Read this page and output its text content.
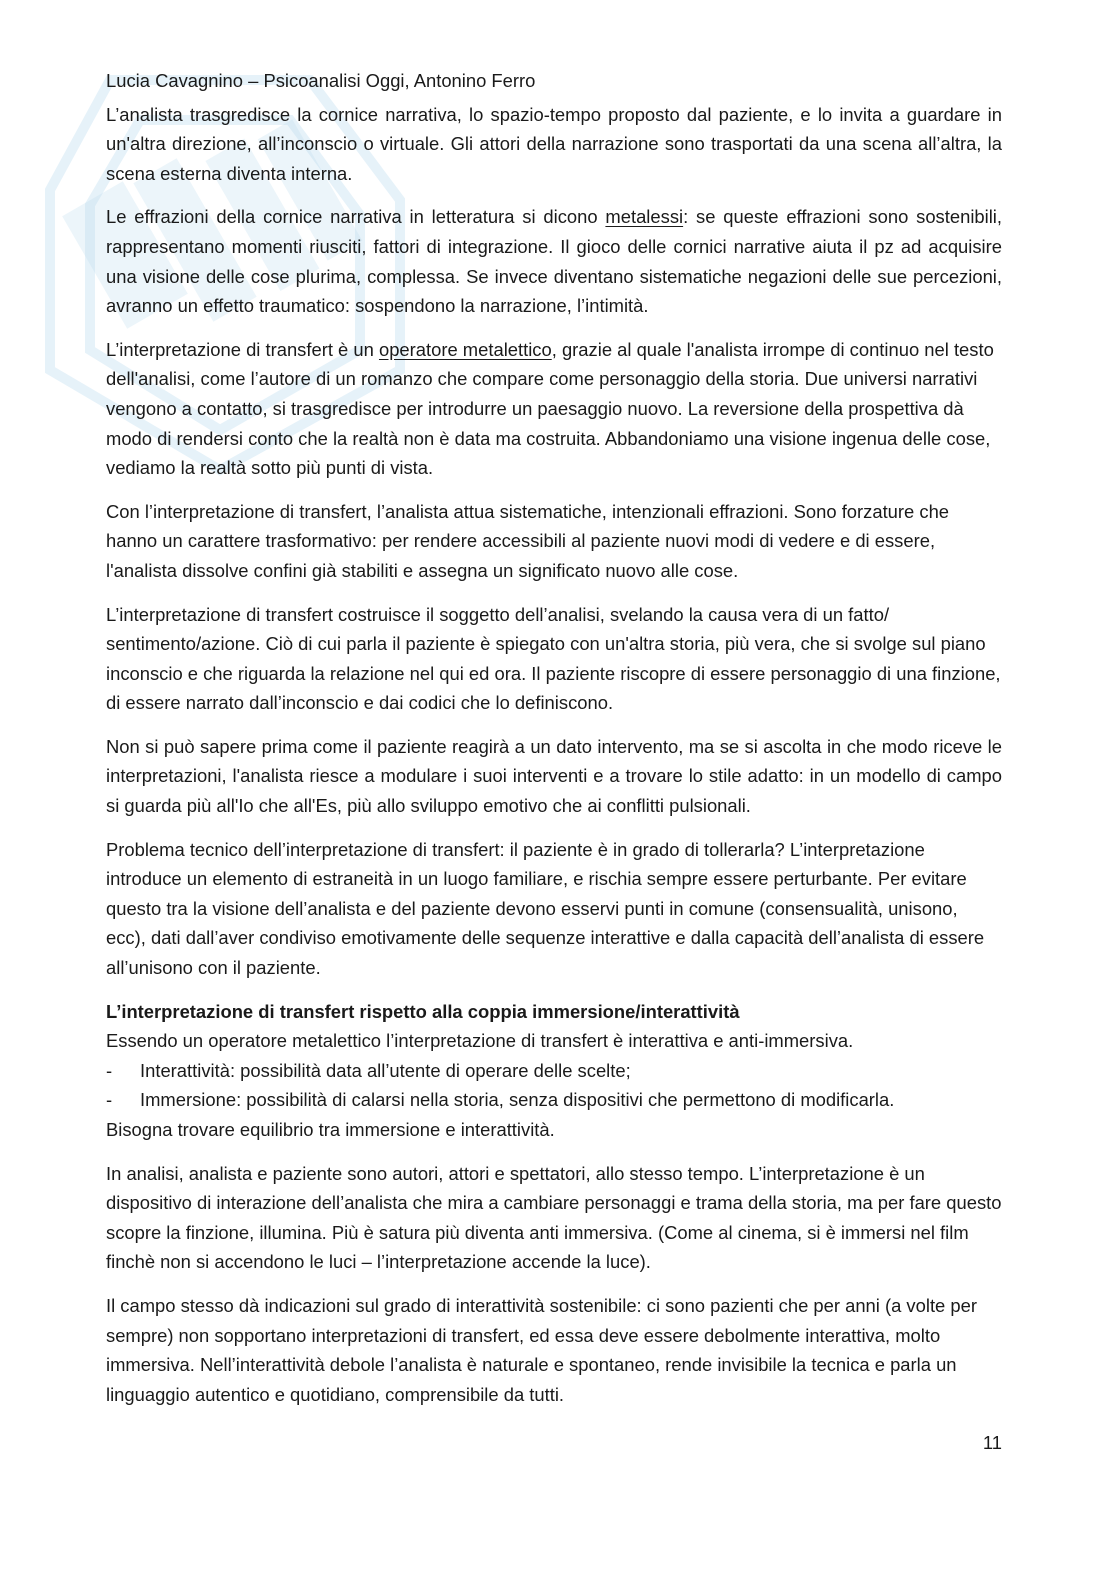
Lucia Cavagnino – Psicoanalisi Oggi, Antonino Ferro

L’analista trasgredisce la cornice narrativa, lo spazio-tempo proposto dal paziente, e lo invita a guardare in un'altra direzione, all’inconscio o virtuale. Gli attori della narrazione sono trasportati da una scena all’altra, la scena esterna diventa interna.

Le effrazioni della cornice narrativa in letteratura si dicono metalessi: se queste effrazioni sono sostenibili, rappresentano momenti riusciti, fattori di integrazione. Il gioco delle cornici narrative aiuta il pz ad acquisire una visione delle cose plurima, complessa. Se invece diventano sistematiche negazioni delle sue percezioni, avranno un effetto traumatico: sospendono la narrazione, l’intimità.

L’interpretazione di transfert è un operatore metalettico, grazie al quale l'analista irrompe di continuo nel testo dell'analisi, come l’autore di un romanzo che compare come personaggio della storia. Due universi narrativi vengono a contatto, si trasgredisce per introdurre un paesaggio nuovo. La reversione della prospettiva dà modo di rendersi conto che la realtà non è data ma costruita. Abbandoniamo una visione ingenua delle cose, vediamo la realtà sotto più punti di vista.

Con l’interpretazione di transfert, l’analista attua sistematiche, intenzionali effrazioni. Sono forzature che hanno un carattere trasformativo: per rendere accessibili al paziente nuovi modi di vedere e di essere, l'analista dissolve confini già stabiliti e assegna un significato nuovo alle cose.

L’interpretazione di transfert costruisce il soggetto dell’analisi, svelando la causa vera di un fatto/ sentimento/azione. Ciò di cui parla il paziente è spiegato con un'altra storia, più vera, che si svolge sul piano inconscio e che riguarda la relazione nel qui ed ora. Il paziente riscopre di essere personaggio di una finzione, di essere narrato dall’inconscio e dai codici che lo definiscono.

Non si può sapere prima come il paziente reagirà a un dato intervento, ma se si ascolta in che modo riceve le interpretazioni, l'analista riesce a modulare i suoi interventi e a trovare lo stile adatto: in un modello di campo si guarda più all'Io che all'Es, più allo sviluppo emotivo che ai conflitti pulsionali.

Problema tecnico dell’interpretazione di transfert: il paziente è in grado di tollerarla? L’interpretazione introduce un elemento di estraneità in un luogo familiare, e rischia sempre essere perturbante. Per evitare questo tra la visione dell’analista e del paziente devono esservi punti in comune (consensualità, unisono, ecc), dati dall’aver condiviso emotivamente delle sequenze interattive e dalla capacità dell’analista di essere all’unisono con il paziente.

L’interpretazione di transfert rispetto alla coppia immersione/interattività
Essendo un operatore metalettico l’interpretazione di transfert è interattiva e anti-immersiva.
-	Interattività: possibilità data all’utente di operare delle scelte;
-	Immersione: possibilità di calarsi nella storia, senza dispositivi che permettono di modificarla.

Bisogna trovare equilibrio tra immersione e interattività.

In analisi, analista e paziente sono autori, attori e spettatori, allo stesso tempo. L’interpretazione è un dispositivo di interazione dell’analista che mira a cambiare personaggi e trama della storia, ma per fare questo scopre la finzione, illumina. Più è satura più diventa anti immersiva. (Come al cinema, si è immersi nel film finchè non si accendono le luci – l’interpretazione accende la luce).

Il campo stesso dà indicazioni sul grado di interattività sostenibile: ci sono pazienti che per anni (a volte per sempre) non sopportano interpretazioni di transfert, ed essa deve essere debolmente interattiva, molto immersiva. Nell’interattività debole l’analista è naturale e spontaneo, rende invisibile la tecnica e parla un linguaggio autentico e quotidiano, comprensibile da tutti.

11
